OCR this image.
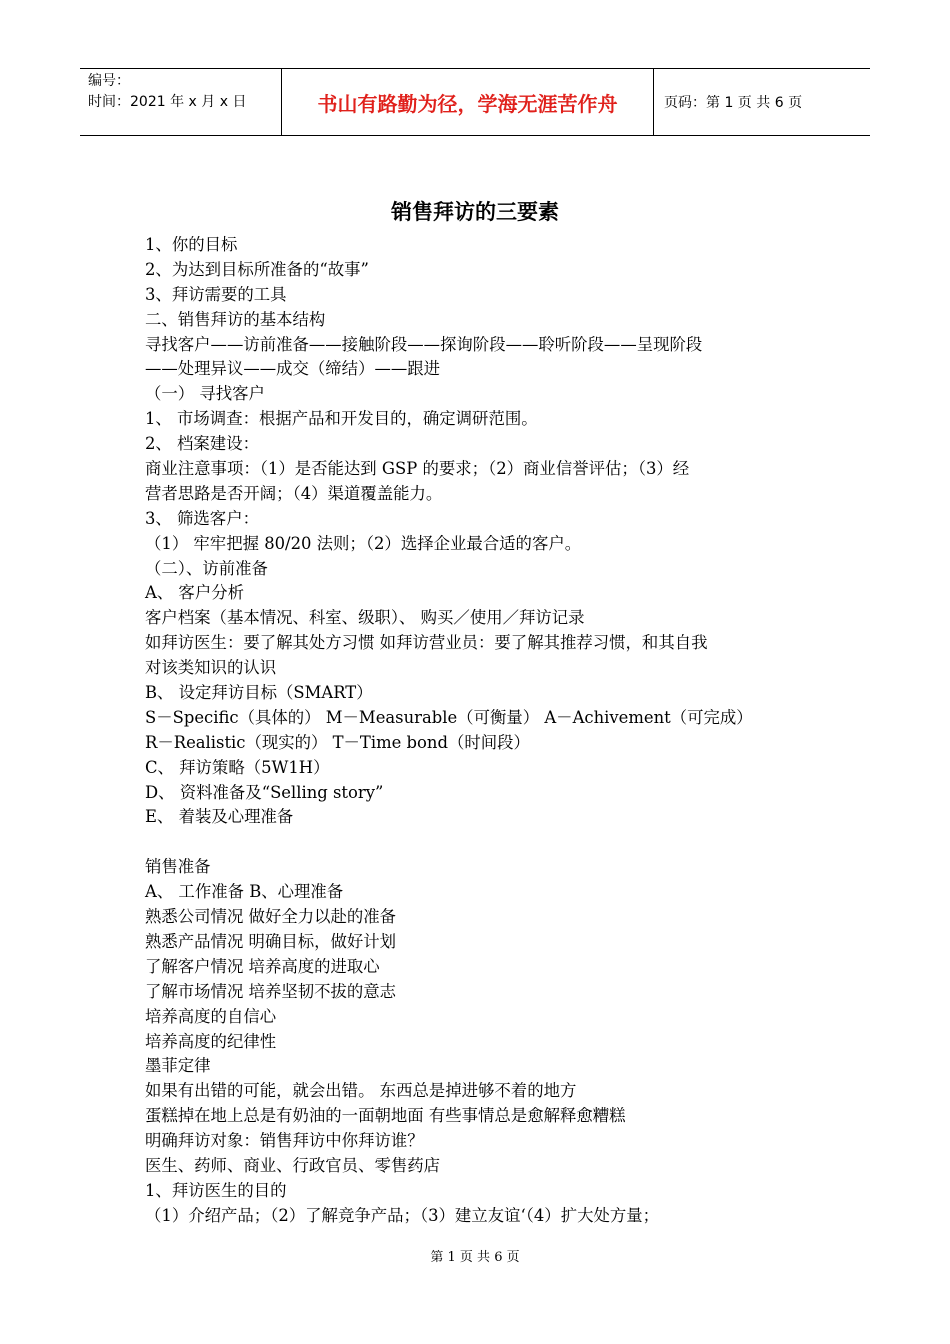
编号：
时间：2021 年 x 月 x 日	书山有路勤为径，学海无涯苦作舟	页码：第 1 页 共 6 页
销售拜访的三要素
1、你的目标
2、为达到目标所准备的“故事”
3、拜访需要的工具
二、销售拜访的基本结构
寻找客户——访前准备——接触阶段——探询阶段——聆听阶段——呈现阶段
——处理异议——成交（缔结）——跟进
（一） 寻找客户
1、 市场调查：根据产品和开发目的，确定调研范围。
2、 档案建设：
商业注意事项：（1）是否能达到 GSP 的要求；（2）商业信誉评估；（3）经
营者思路是否开阔；（4）渠道覆盖能力。
3、 筛选客户：
（1） 牢牢把握 80/20 法则；（2）选择企业最合适的客户。
（二）、访前准备
A、 客户分析
客户档案（基本情况、科室、级职）、 购买／使用／拜访记录
如拜访医生：要了解其处方习惯 如拜访营业员：要了解其推荐习惯，和其自我
对该类知识的认识
B、 设定拜访目标（SMART）
S－Specific（具体的） M－Measurable（可衡量） A－Achivement（可完成）
R－Realistic（现实的） T－Time bond（时间段）
C、 拜访策略（5W1H）
D、 资料准备及“Selling story”
E、 着装及心理准备
销售准备
A、 工作准备 B、心理准备
熟悉公司情况 做好全力以赴的准备
熟悉产品情况 明确目标，做好计划
了解客户情况 培养高度的进取心
了解市场情况 培养坚韧不拔的意志
培养高度的自信心
培养高度的纪律性
墨菲定律
如果有出错的可能，就会出错。 东西总是掉进够不着的地方
蛋糕掉在地上总是有奶油的一面朝地面 有些事情总是愈解释愈糟糕
明确拜访对象：销售拜访中你拜访谁？
医生、药师、商业、行政官员、零售药店
1、拜访医生的目的
（1）介绍产品；（2）了解竞争产品；（3）建立友谊‘（4）扩大处方量；
第 1 页 共 6 页
